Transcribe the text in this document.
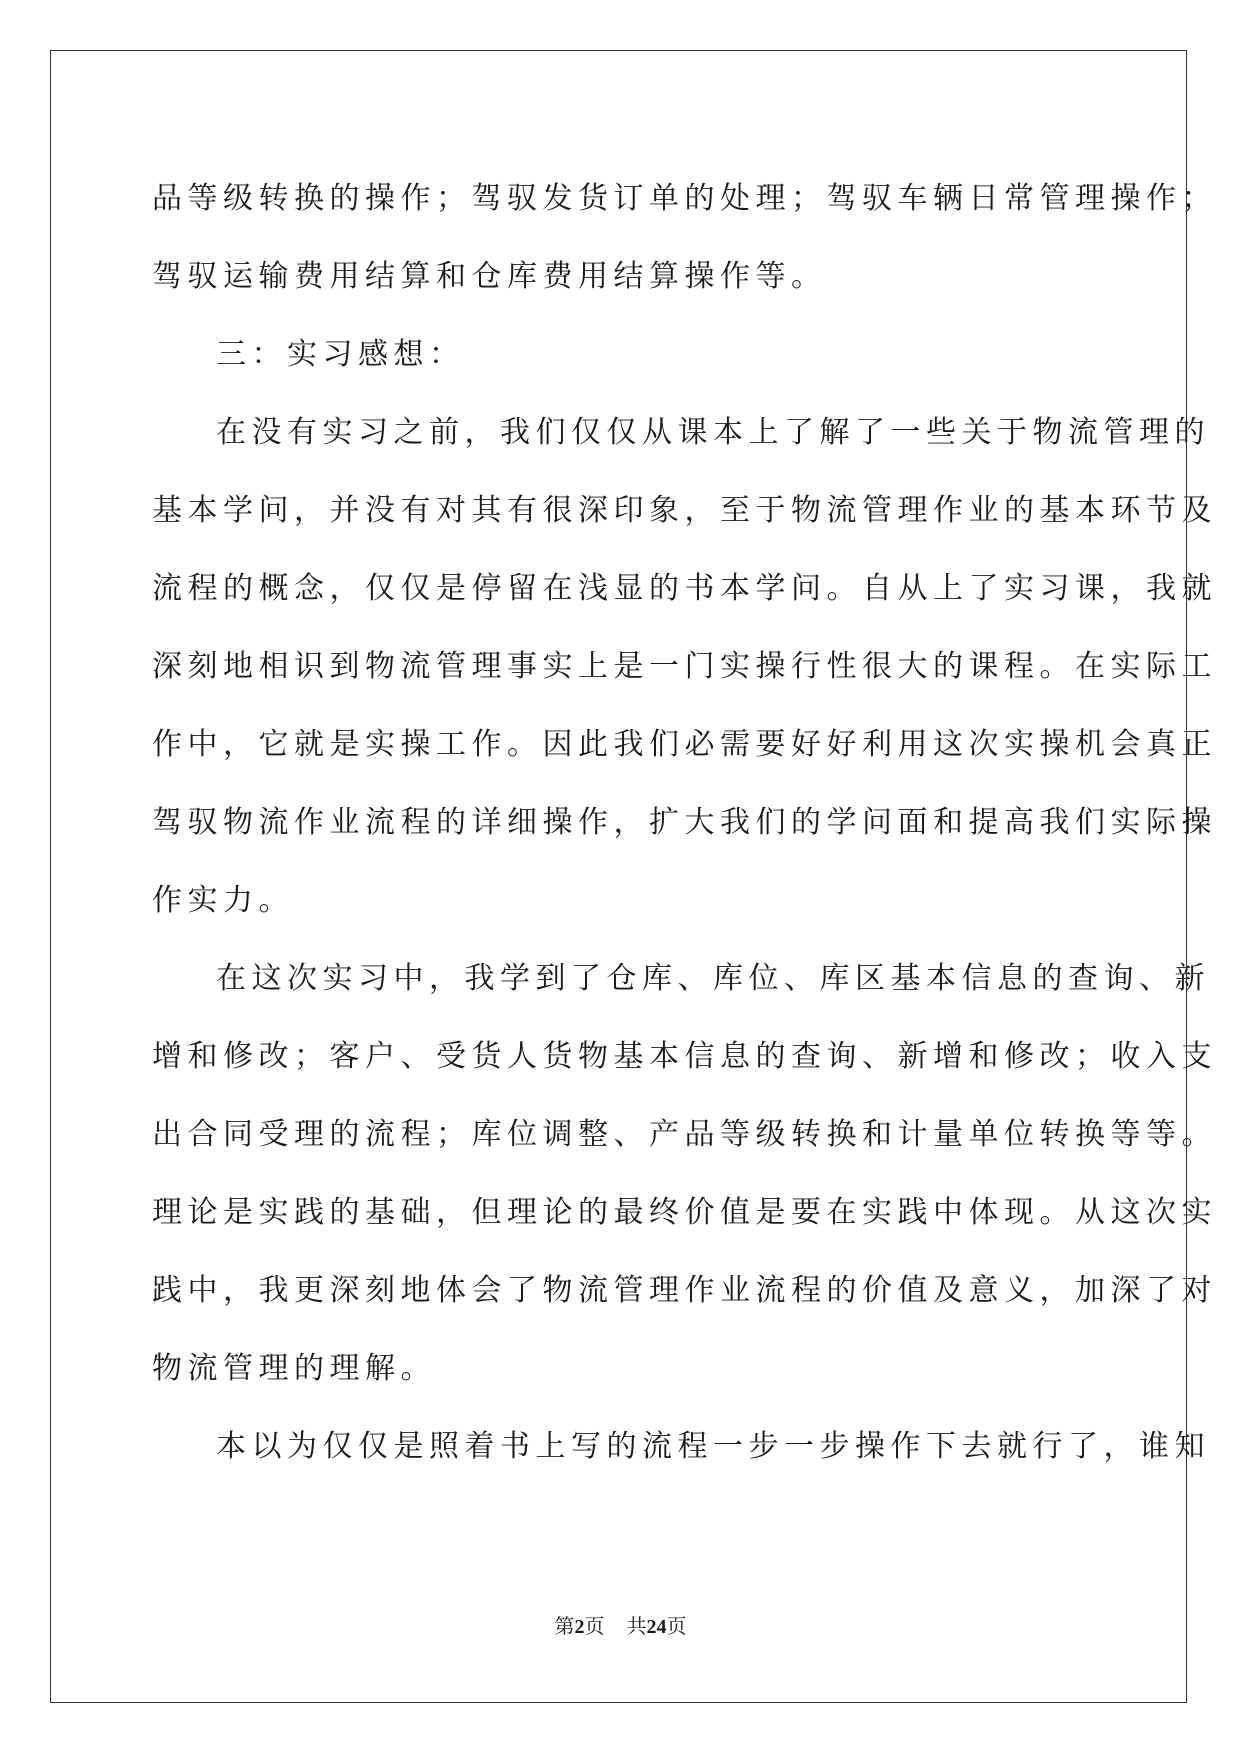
品等级转换的操作；驾驭发货订单的处理；驾驭车辆日常管理操作；
驾驭运输费用结算和仓库费用结算操作等。
三：实习感想：
在没有实习之前，我们仅仅从课本上了解了一些关于物流管理的
基本学问，并没有对其有很深印象，至于物流管理作业的基本环节及
流程的概念，仅仅是停留在浅显的书本学问。自从上了实习课，我就
深刻地相识到物流管理事实上是一门实操行性很大的课程。在实际工
作中，它就是实操工作。因此我们必需要好好利用这次实操机会真正
驾驭物流作业流程的详细操作，扩大我们的学问面和提高我们实际操
作实力。
在这次实习中，我学到了仓库、库位、库区基本信息的查询、新
增和修改；客户、受货人货物基本信息的查询、新增和修改；收入支
出合同受理的流程；库位调整、产品等级转换和计量单位转换等等。
理论是实践的基础，但理论的最终价值是要在实践中体现。从这次实
践中，我更深刻地体会了物流管理作业流程的价值及意义，加深了对
物流管理的理解。
本以为仅仅是照着书上写的流程一步一步操作下去就行了，谁知
第2页 共24页
